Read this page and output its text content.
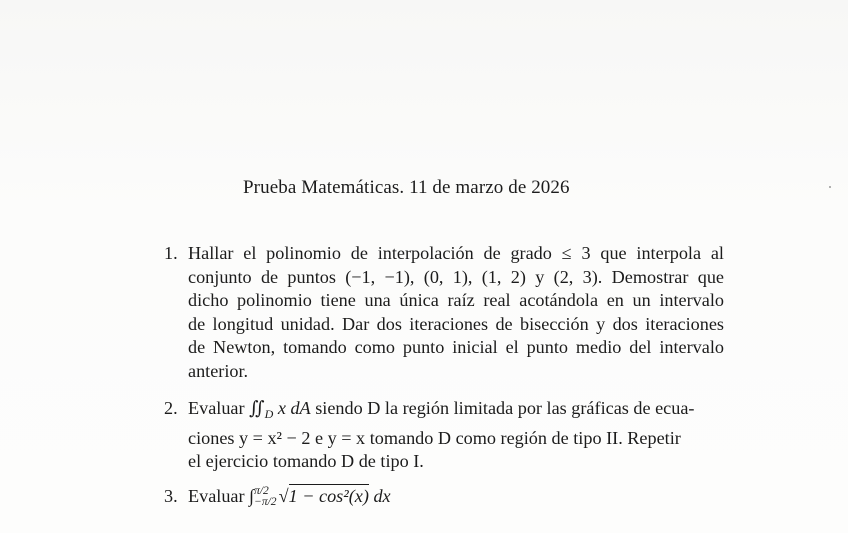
Prueba Matemáticas. 11 de marzo de 2026
1. Hallar el polinomio de interpolación de grado ≤ 3 que interpola al
conjunto de puntos (−1, −1), (0, 1), (1, 2) y (2, 3). Demostrar que
dicho polinomio tiene una única raíz real acotándola en un intervalo
de longitud unidad. Dar dos iteraciones de bisección y dos iteraciones
de Newton, tomando como punto inicial el punto medio del intervalo
anterior.
2. Evaluar $∬_D$ x dA siendo D la región limitada por las gráficas de ecua-
ciones y = x² − 2 e y = x tomando D como región de tipo II. Repetir
el ejercicio tomando D de tipo I.
3. Evaluar ∫ π/2
−π/2 √1 − cos²(x) dx
